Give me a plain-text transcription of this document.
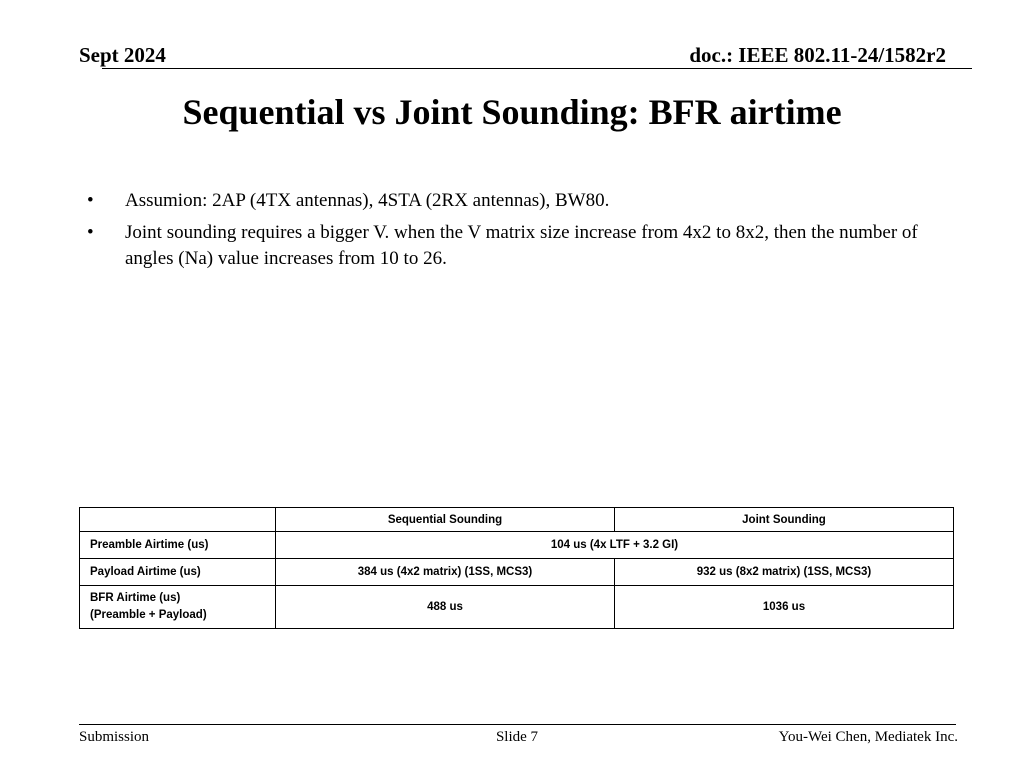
Sept 2024	doc.: IEEE 802.11-24/1582r2
Sequential vs Joint Sounding: BFR airtime
• Assumion: 2AP (4TX antennas), 4STA (2RX antennas), BW80.
• Joint sounding requires a bigger V. when the V matrix size increase from 4x2 to 8x2, then the number of angles (Na) value increases from 10 to 26.
	Sequential Sounding	Joint Sounding
Preamble Airtime (us)	104 us (4x LTF + 3.2 GI)	
Payload Airtime (us)	384 us (4x2 matrix) (1SS, MCS3)	932 us (8x2 matrix) (1SS, MCS3)

BFR Airtime (us)
(Preamble + Payload)	488 us	1036 us
Submission	Slide 7	You-Wei Chen, Mediatek Inc.
